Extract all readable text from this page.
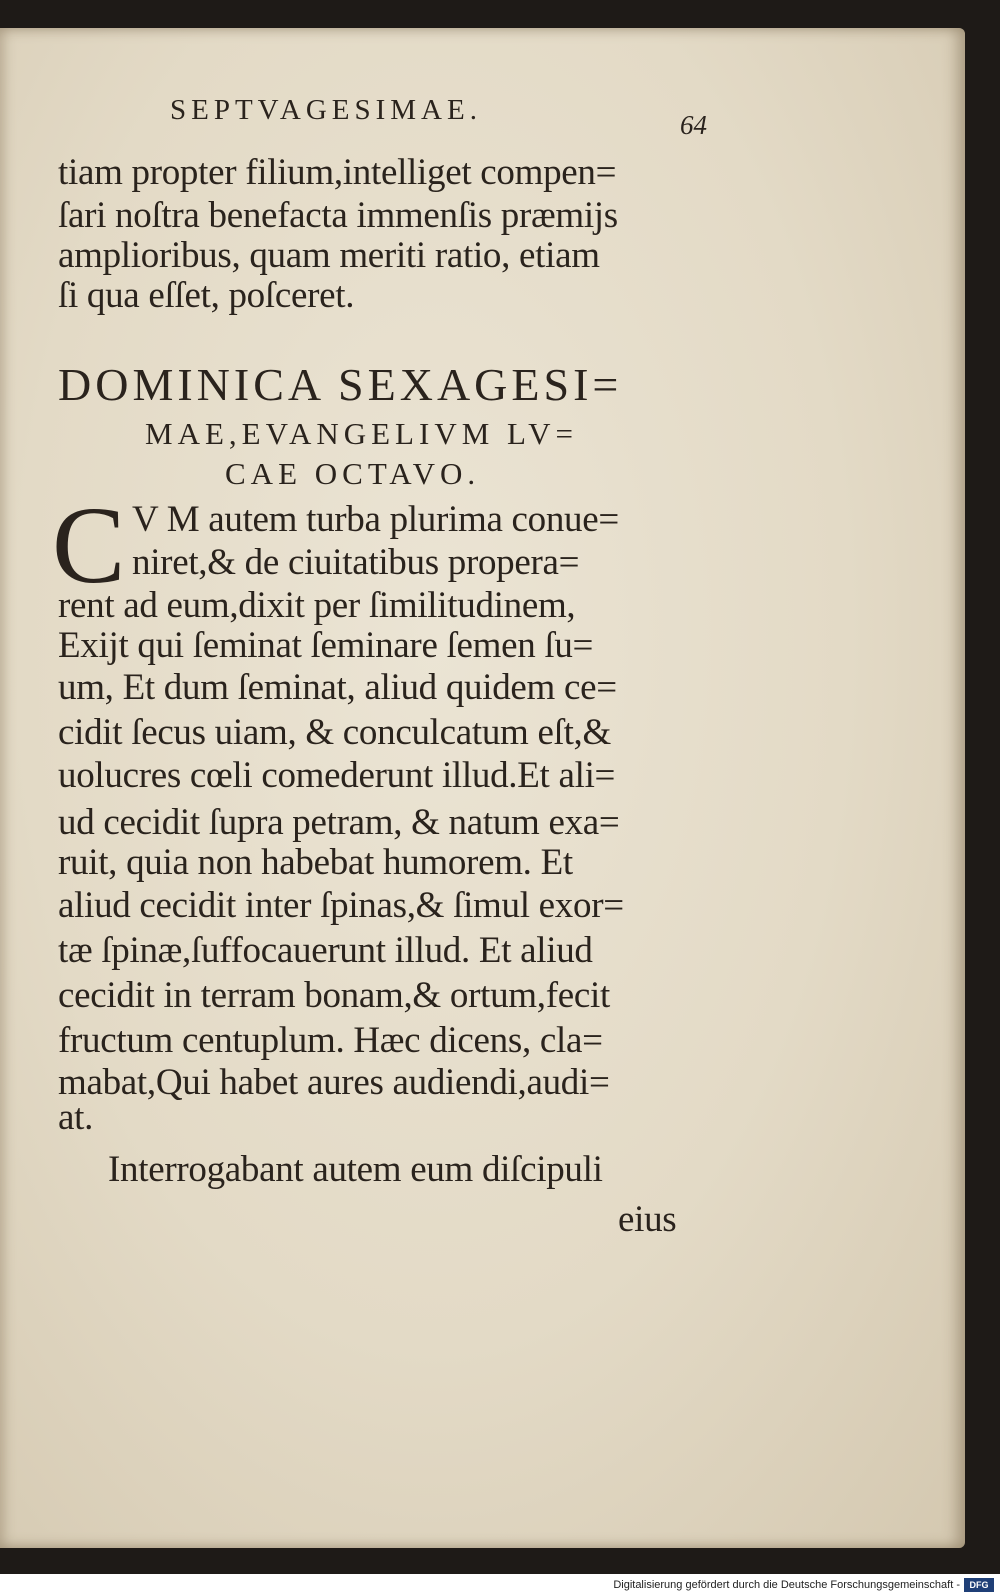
SEPTVAGESIMAE.	64
tiam propter filium,intelliget compen=
ſari noſtra benefacta immenſis præmijs
amplioribus, quam meriti ratio, etiam
ſi qua eſſet, poſceret.
DOMINICA SEXAGESI=
MAE,EVANGELIVM LV=
CAE OCTAVO.
C V M autem turba plurima conue=
niret,& de ciuitatibus propera=
rent ad eum,dixit per ſimilitudinem,
Exijt qui ſeminat ſeminare ſemen ſu=
um, Et dum ſeminat, aliud quidem ce=
cidit ſecus uiam, & conculcatum eſt,&
uolucres cœli comederunt illud.Et ali=
ud cecidit ſupra petram, & natum exa=
ruit, quia non habebat humorem. Et
aliud cecidit inter ſpinas,& ſimul exor=
tæ ſpinæ,ſuffocauerunt illud. Et aliud
cecidit in terram bonam,& ortum,fecit
fructum centuplum. Hæc dicens, cla=
mabat,Qui habet aures audiendi,audi=
at.
Interrogabant autem eum diſcipuli
eius
Digitalisierung gefördert durch die Deutsche Forschungsgemeinschaft -	DFG
